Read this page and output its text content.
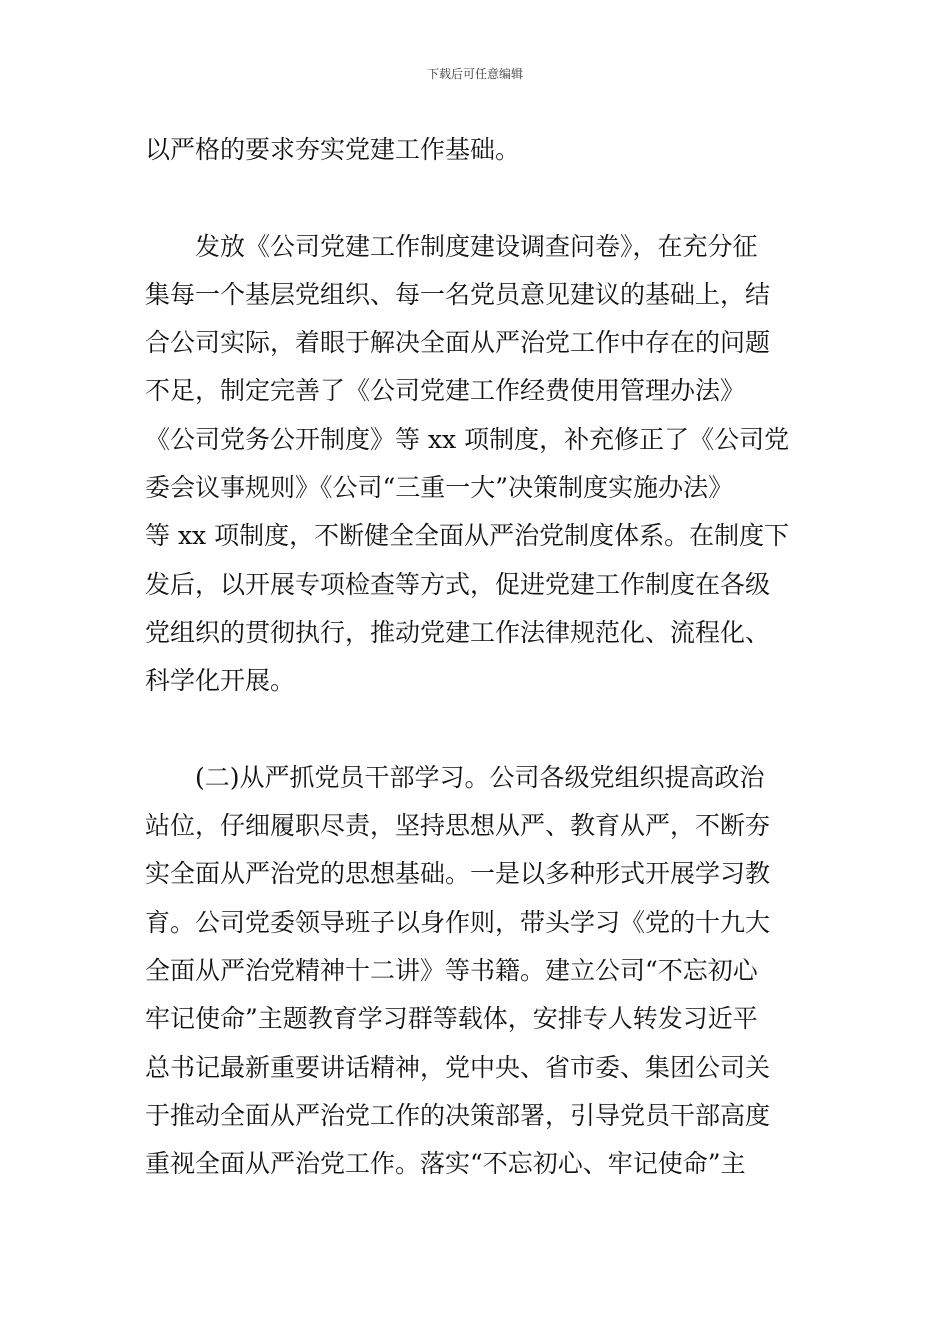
下载后可任意编辑
以严格的要求夯实党建工作基础。
发放《公司党建工作制度建设调查问卷》，在充分征
集每一个基层党组织、每一名党员意见建议的基础上，结
合公司实际，着眼于解决全面从严治党工作中存在的问题
不足，制定完善了《公司党建工作经费使用管理办法》
《公司党务公开制度》等 xx 项制度，补充修正了《公司党
委会议事规则》《公司“三重一大”决策制度实施办法》
等 xx 项制度，不断健全全面从严治党制度体系。在制度下
发后，以开展专项检查等方式，促进党建工作制度在各级
党组织的贯彻执行，推动党建工作法律规范化、流程化、
科学化开展。
(二)从严抓党员干部学习。公司各级党组织提高政治
站位，仔细履职尽责，坚持思想从严、教育从严，不断夯
实全面从严治党的思想基础。一是以多种形式开展学习教
育。公司党委领导班子以身作则，带头学习《党的十九大
全面从严治党精神十二讲》等书籍。建立公司“不忘初心
牢记使命”主题教育学习群等载体，安排专人转发习近平
总书记最新重要讲话精神，党中央、省市委、集团公司关
于推动全面从严治党工作的决策部署，引导党员干部高度
重视全面从严治党工作。落实“不忘初心、牢记使命”主
